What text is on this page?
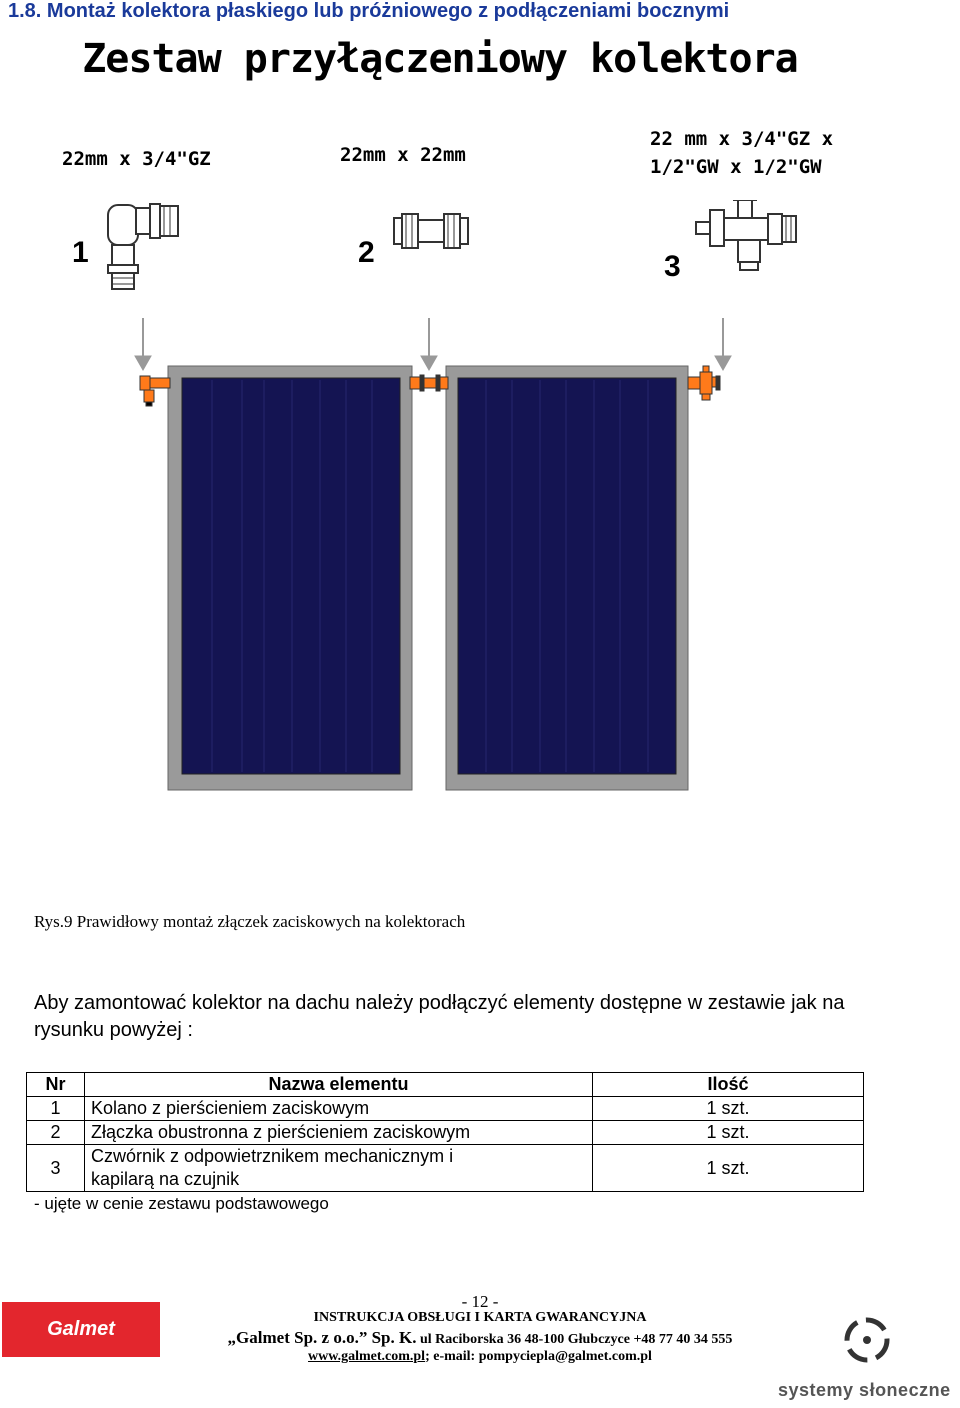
1.8. Montaż kolektora płaskiego lub próżniowego z podłączeniami bocznymi
Zestaw przyłączeniowy kolektora
22mm x 3/4"GZ	22mm x 22mm
22 mm x 3/4"GZ x
1/2"GW x 1/2"GW
1	2	3
Rys.9 Prawidłowy montaż złączek zaciskowych na kolektorach
Aby zamontować kolektor na dachu należy podłączyć elementy dostępne w zestawie jak na rysunku powyżej :
Nr	Nazwa elementu	Ilość
1	Kolano z pierścieniem zaciskowym	1 szt.
2	Złączka obustronna z pierścieniem zaciskowym	1 szt.
3	Czwórnik z odpowietrznikem mechanicznym i
kapilarą na czujnik	1 szt.
- ujęte w cenie zestawu podstawowego
- 12 -
INSTRUKCJA OBSŁUGI I KARTA GWARANCYJNA
„Galmet Sp. z o.o.” Sp. K. ul Raciborska 36 48-100 Głubczyce +48 77 40 34 555
www.galmet.com.pl; e-mail: pompyciepla@galmet.com.pl
Galmet
systemy słoneczne
